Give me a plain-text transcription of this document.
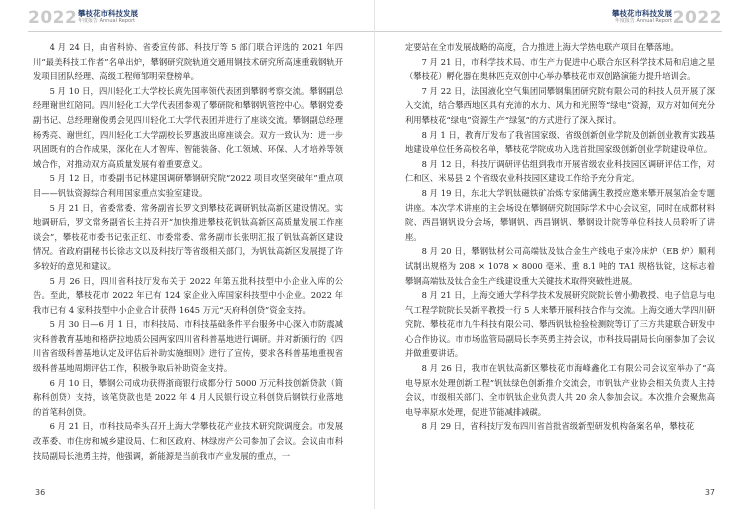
2022 攀枝花市科技发展
年度报告 Annual Report

4 月 24 日，由省科协、省委宣传部、科技厅等 5 部门联合评选的 2021 年四川“最美科技工作者”名单出炉，攀钢研究院轨道交通用钢技术研究所高速重载钢轨开发项目团队经理、高级工程师邹明荣登榜单。

5 月 10 日，四川轻化工大学校长庹先国率领代表团到攀钢考察交流。攀钢副总经理谢世红陪同。四川轻化工大学代表团参观了攀研院和攀钢钒管控中心。攀钢党委副书记、总经理谢俊勇会见四川轻化工大学代表团并进行了座谈交流。攀钢副总经理杨秀亮、谢世红，四川轻化工大学副校长罗惠波出席座谈会。双方一致认为：进一步巩固既有的合作成果，深化在人才智库、智能装备、化工领域、环保、人才培养等领域合作，对推动双方高质量发展有着重要意义。

5 月 12 日，市委副书记林建国调研攀钢研究院“2022 项目攻坚突破年”重点项目——钒钛资源综合利用国家重点实验室建设。

5 月 21 日，省委常委、常务副省长罗文到攀枝花调研钒钛高新区建设情况。实地调研后，罗文常务副省长主持召开“加快推进攀枝花钒钛高新区高质量发展工作座谈会”，攀枝花市委书记张正红、市委常委、常务副市长张明汇报了钒钛高新区建设情况。省政府副秘书长徐志文以及科技厅等省级相关部门，为钒钛高新区发展提了许多较好的意见和建议。

5 月 26 日，四川省科技厅发布关于 2022 年第五批科技型中小企业入库的公告。至此，攀枝花市 2022 年已有 124 家企业入库国家科技型中小企业。2022 年我市已有 4 家科技型中小企业合计获得 1645 万元“天府科创贷”资金支持。

5 月 30 日—6 月 1 日，市科技局、市科技基础条件平台服务中心深入市防震减灾科普教育基地和格萨拉地质公园两家四川省科普基地进行调研。并对新颁行的《四川省省级科普基地认定及评估后补助实施细则》进行了宣传，要求各科普基地重视省级科普基地周期评估工作，积极争取后补助资金支持。

6 月 10 日，攀钢公司成功获得浙商银行成都分行 5000 万元科技创新贷款（简称科创贷）支持，该笔贷款也是 2022 年 4 月人民银行设立科创贷后钢铁行业落地的首笔科创贷。

6 月 21 日，市科技局牵头召开上海大学攀枝花产业技术研究院调度会。市发展改革委、市住房和城乡建设局、仁和区政府、林绿房产公司参加了会议。会议由市科技局副局长池勇主持，他强调，新能源是当前我市产业发展的重点，一

36
攀枝花市科技发展
年度报告 Annual Report 2022

定要站在全市发展战略的高度，合力推进上海大学热电联产项目在攀落地。

7 月 21 日，市科学技术局、市生产力促进中心联合东区科学技术局和启迪之星（攀枝花）孵化器在奥林匹克双创中心举办攀枝花市双创路演能力提升培训会。

7 月 22 日，法国液化空气集团同攀钢集团研究院有限公司的科技人员开展了深入交流，结合攀西地区具有充沛的水力、风力和光照等“绿电”资源，双方对如何充分利用攀枝花“绿电”资源生产“绿氢”的方式进行了深入探讨。

8 月 1 日，教育厅发布了我省国家级、省级创新创业学院及创新创业教育实践基地建设单位任务高校名单，攀枝花学院成功入选首批国家级创新创业学院建设单位。

8 月 12 日，科技厅调研评估组到我市开展省级农业科技园区调研评估工作，对仁和区、米易县 2 个省级农业科技园区建设工作给予充分肯定。

8 月 19 日，东北大学钒钛磁铁矿冶炼专家储满生教授应邀来攀开展氢冶金专题讲座。本次学术讲座的主会场设在攀钢研究院国际学术中心会议室，同时在成都材料院、西昌钢钒设分会场，攀钢钒、西昌钢钒、攀钢设计院等单位科技人员聆听了讲座。

8 月 20 日，攀钢钛材公司高端钛及钛合金生产线电子束冷床炉（EB 炉）顺利试制出规格为 208 × 1078 × 8000 毫米、重 8.1 吨的 TA1 规格钛锭，这标志着攀钢高端钛及钛合金生产线建设重大关键技术取得突破性进展。

8 月 21 日，上海交通大学科学技术发展研究院院长曾小勤教授、电子信息与电气工程学院院长吴新平教授一行 5 人来攀开展科技合作与交流。上海交通大学四川研究院、攀枝花市九牛科技有限公司、攀西钒钛检验检测院等订了三方共建联合研发中心合作协议。市市场监管局副局长李英勇主持会议，市科技局副局长向丽参加了会议并做重要讲话。

8 月 26 日，我市在钒钛高新区攀枝花市海峰鑫化工有限公司会议室举办了“高电导原水处理创新工程”钒钛绿色创新推介交流会，市钒钛产业协会相关负责人主持会议，市级相关部门、全市钒钛企业负责人共 20 余人参加会议。本次推介会聚焦高电导率原水处理，促进节能减排减碳。

8 月 29 日，省科技厅发布四川省首批省级新型研发机构备案名单，攀枝花

37
